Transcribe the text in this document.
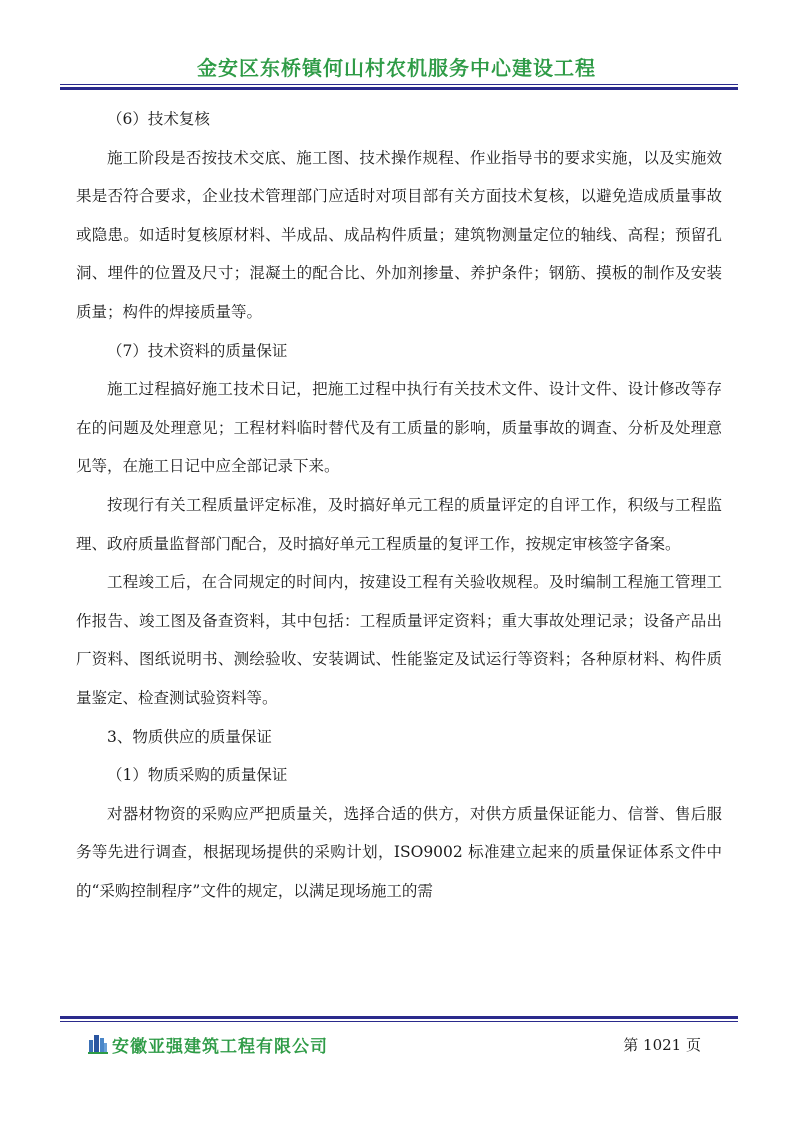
金安区东桥镇何山村农机服务中心建设工程

（6）技术复核

施工阶段是否按技术交底、施工图、技术操作规程、作业指导书的要求实施，以及实施效果是否符合要求，企业技术管理部门应适时对项目部有关方面技术复核，以避免造成质量事故或隐患。如适时复核原材料、半成品、成品构件质量；建筑物测量定位的轴线、高程；预留孔洞、埋件的位置及尺寸；混凝土的配合比、外加剂掺量、养护条件；钢筋、摸板的制作及安装质量；构件的焊接质量等。

（7）技术资料的质量保证

施工过程搞好施工技术日记，把施工过程中执行有关技术文件、设计文件、设计修改等存在的问题及处理意见；工程材料临时替代及有工质量的影响，质量事故的调查、分析及处理意见等，在施工日记中应全部记录下来。

按现行有关工程质量评定标准，及时搞好单元工程的质量评定的自评工作，积级与工程监理、政府质量监督部门配合，及时搞好单元工程质量的复评工作，按规定审核签字备案。

工程竣工后，在合同规定的时间内，按建设工程有关验收规程。及时编制工程施工管理工作报告、竣工图及备查资料，其中包括：工程质量评定资料；重大事故处理记录；设备产品出厂资料、图纸说明书、测绘验收、安装调试、性能鉴定及试运行等资料；各种原材料、构件质量鉴定、检查测试验资料等。

3、物质供应的质量保证

（1）物质采购的质量保证

对器材物资的采购应严把质量关，选择合适的供方，对供方质量保证能力、信誉、售后服务等先进行调查，根据现场提供的采购计划，ISO9002 标准建立起来的质量保证体系文件中的“采购控制程序”文件的规定，以满足现场施工的需

安徽亚强建筑工程有限公司	第 1021 页
